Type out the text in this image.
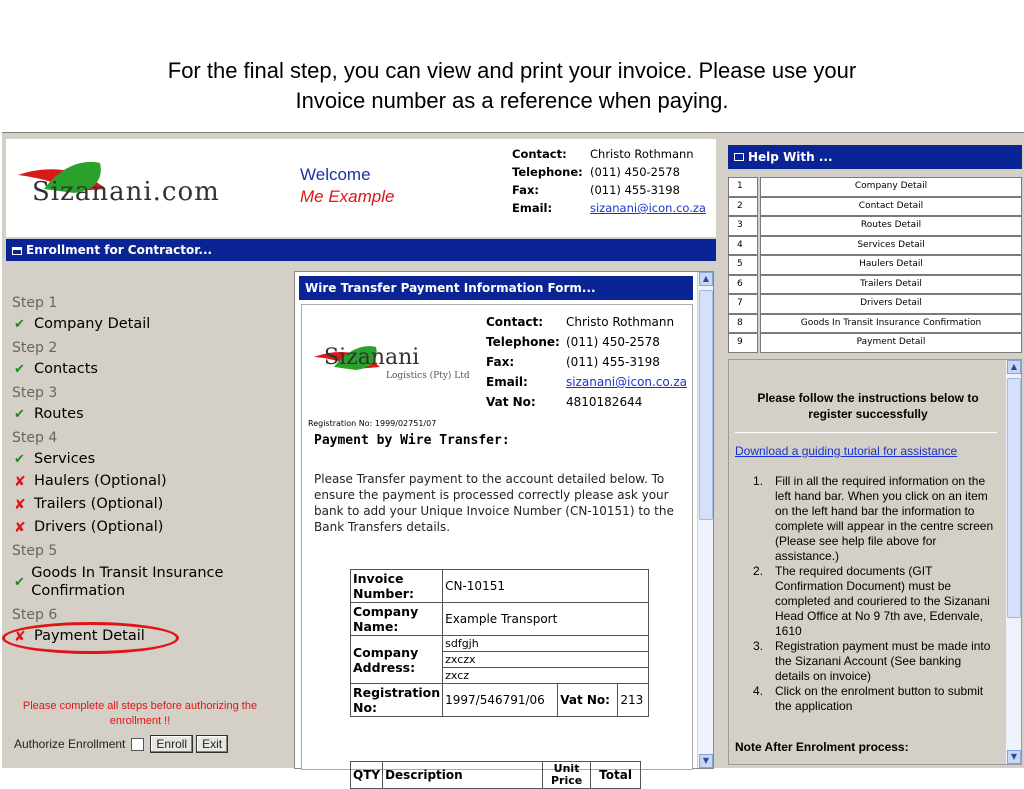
For the final step, you can view and print your invoice. Please use your
Invoice number as a reference when paying.
Sizanani.com
Welcome
Me Example
Contact:	Christo Rothmann
Telephone: (011) 450-2578
Fax:	(011) 455-3198
Email:	sizanani@icon.co.za
Enrollment for Contractor...
Step 1
✔ Company Detail
Step 2
✔ Contacts
Step 3
✔ Routes
Step 4
✔ Services
✘ Haulers (Optional)
✘ Trailers (Optional)
✘ Drivers (Optional)
Step 5
✔
Goods In Transit Insurance Confirmation
Step 6
✘ Payment Detail
Please complete all steps before authorizing the enrollment !!
Authorize Enrollment	Enroll	Exit
Wire Transfer Payment Information Form...
Sizanani
Logistics (Pty) Ltd
Contact:	Christo Rothmann
Telephone: (011) 450-2578
Fax:	(011) 455-3198
Email:	sizanani@icon.co.za
Vat No:	4810182644
Registration No: 1999/02751/07
Payment by Wire Transfer:
Please Transfer payment to the account detailed below. To ensure the payment is processed correctly please ask your bank to add your Unique Invoice Number (CN-10151) to the Bank Transfers details.
Invoice Number:	CN-10151		
Company Name:	Example Transport		
Company Address:	sdfgjh		
	zxczx		
	zxcz		
Registration No:	1997/546791/06	Vat No:	213
QTY	Description	Unit Price	Total
▲
▼
Help With ...
1	Company Detail
2	Contact Detail
3	Routes Detail
4	Services Detail
5	Haulers Detail
6	Trailers Detail
7	Drivers Detail
8	Goods In Transit Insurance Confirmation
9	Payment Detail
Please follow the instructions below to register successfully
Download a guiding tutorial for assistance
1.	Fill in all the required information on the left hand bar. When you click on an item on the left hand bar the information to complete will appear in the centre screen (Please see help file above for assistance.)
2.	The required documents (GIT Confirmation Document) must be completed and couriered to the Sizanani Head Office at No 9 7th ave, Edenvale, 1610
3.	Registration payment must be made into the Sizanani Account (See banking details on invoice)
4.	Click on the enrolment button to submit the application
Note After Enrolment process:
▲
▼
